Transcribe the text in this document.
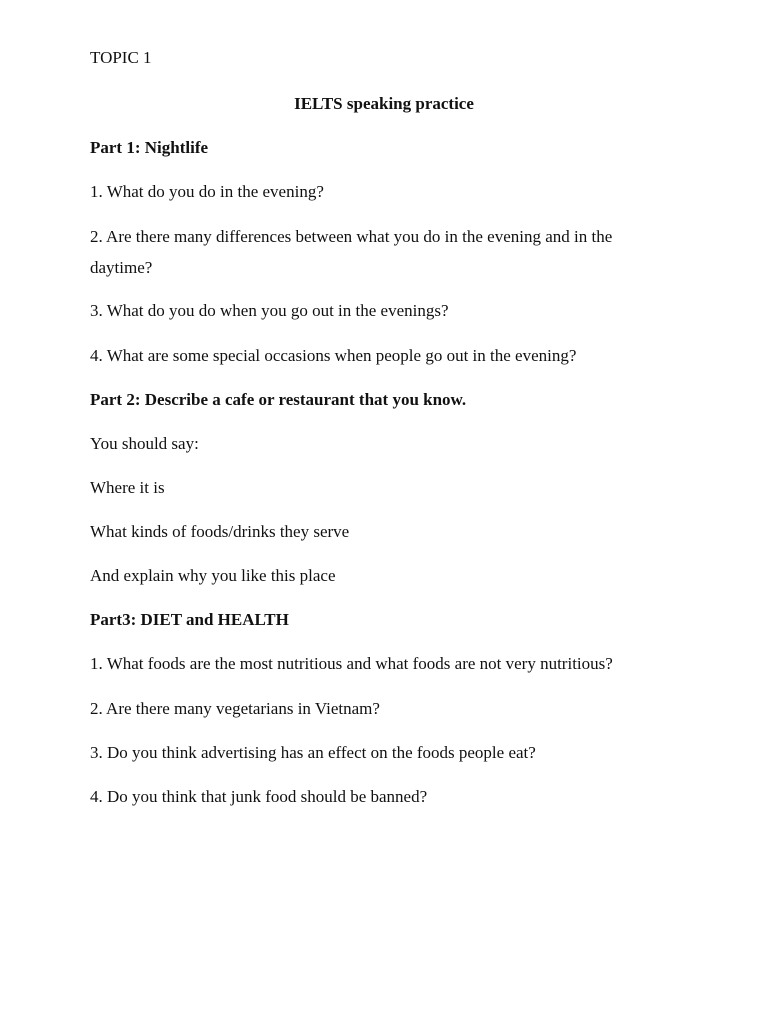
TOPIC 1
IELTS speaking practice
Part 1: Nightlife
1. What do you do in the evening?
2. Are there many differences between what you do in the evening and in the daytime?
3. What do you do when you go out in the evenings?
4. What are some special occasions when people go out in the evening?
Part 2: Describe a cafe or restaurant that you know.
You should say:
Where it is
What kinds of foods/drinks they serve
And explain why you like this place
Part3: DIET and HEALTH
1. What foods are the most nutritious and what foods are not very nutritious?
2. Are there many vegetarians in Vietnam?
3. Do you think advertising has an effect on the foods people eat?
4. Do you think that junk food should be banned?
